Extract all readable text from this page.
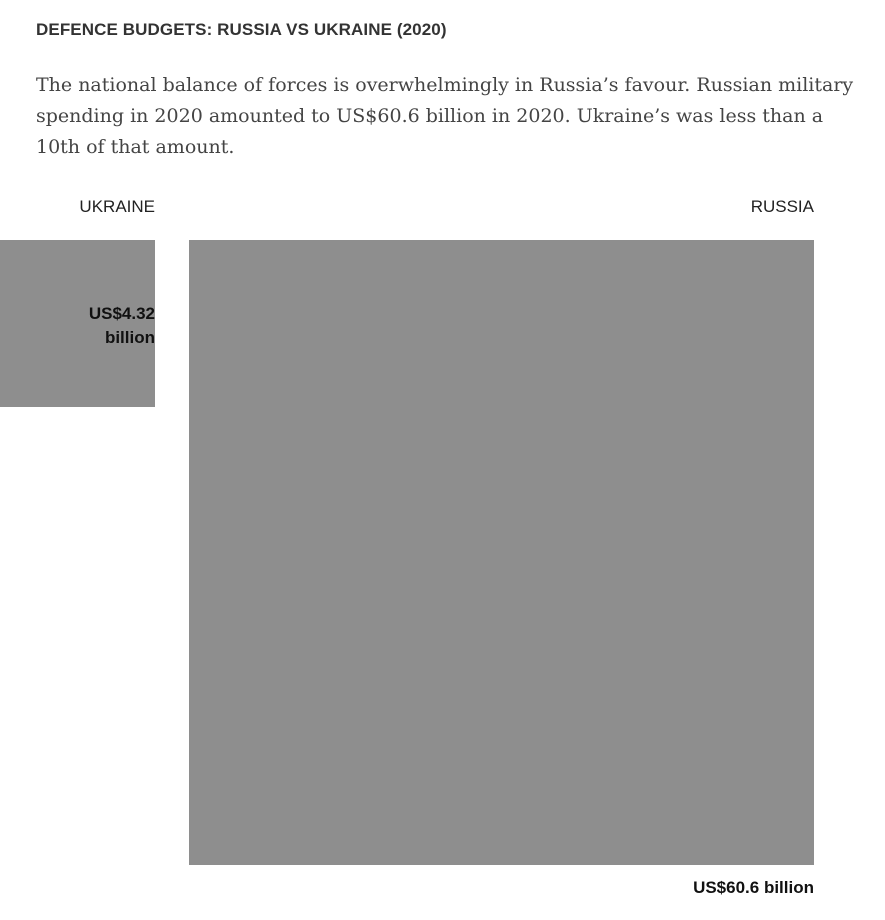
DEFENCE BUDGETS: RUSSIA VS UKRAINE (2020)
The national balance of forces is overwhelmingly in Russia’s favour. Russian military spending in 2020 amounted to US$60.6 billion in 2020. Ukraine’s was less than a 10th of that amount.
UKRAINE	RUSSIA
US$4.32 billion
US$60.6 billion
